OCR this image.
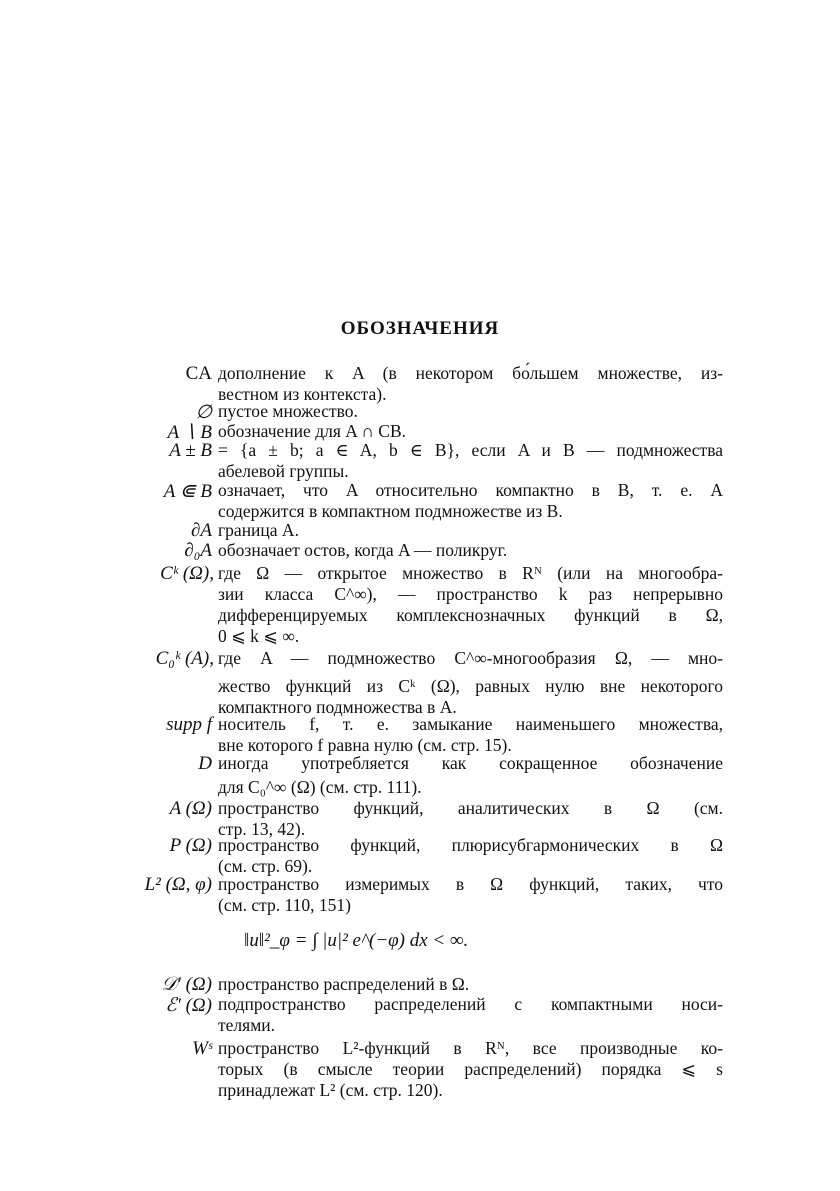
ОБОЗНАЧЕНИЯ
CA дополнение к A (в некотором бо́льшем множестве, из-
вестном из контекста).
∅ пустое множество.
A ∖ B обозначение для A ∩ CB.
A ± B = {a ± b; a ∈ A, b ∈ B}, если A и B — подмножества
абелевой группы.
A ⋐ B означает, что A относительно компактно в B, т. е. A
содержится в компактном подмножестве из B.
∂A граница A.
∂₀A обозначает остов, когда A — поликруг.
Cᵏ (Ω), где Ω — открытое множество в Rᴺ (или на многообра-
зии класса C^∞), — пространство k раз непрерывно
дифференцируемых комплекснозначных функций в Ω,
0 ⩽ k ⩽ ∞.
C₀ᵏ (A), где A — подмножество C^∞-многообразия Ω, — мно-
жество функций из Cᵏ (Ω), равных нулю вне некоторого
компактного подмножества в A.
supp f носитель f, т. е. замыкание наименьшего множества,
вне которого f равна нулю (см. стр. 15).
D иногда употребляется как сокращенное обозначение
для C₀^∞ (Ω) (см. стр. 111).
A (Ω) пространство функций, аналитических в Ω (см.
стр. 13, 42).
P (Ω) пространство функций, плюрисубгармонических в Ω
(см. стр. 69).
L² (Ω, φ) пространство измеримых в Ω функций, таких, что
(см. стр. 110, 151)
‖u‖²_φ = ∫ |u|² e^(−φ) dx < ∞.
𝒟′ (Ω) пространство распределений в Ω.
ℰ′ (Ω) подпространство распределений с компактными носи-
телями.
Wˢ пространство L²-функций в Rᴺ, все производные ко-
торых (в смысле теории распределений) порядка ⩽ s
принадлежат L² (см. стр. 120).
